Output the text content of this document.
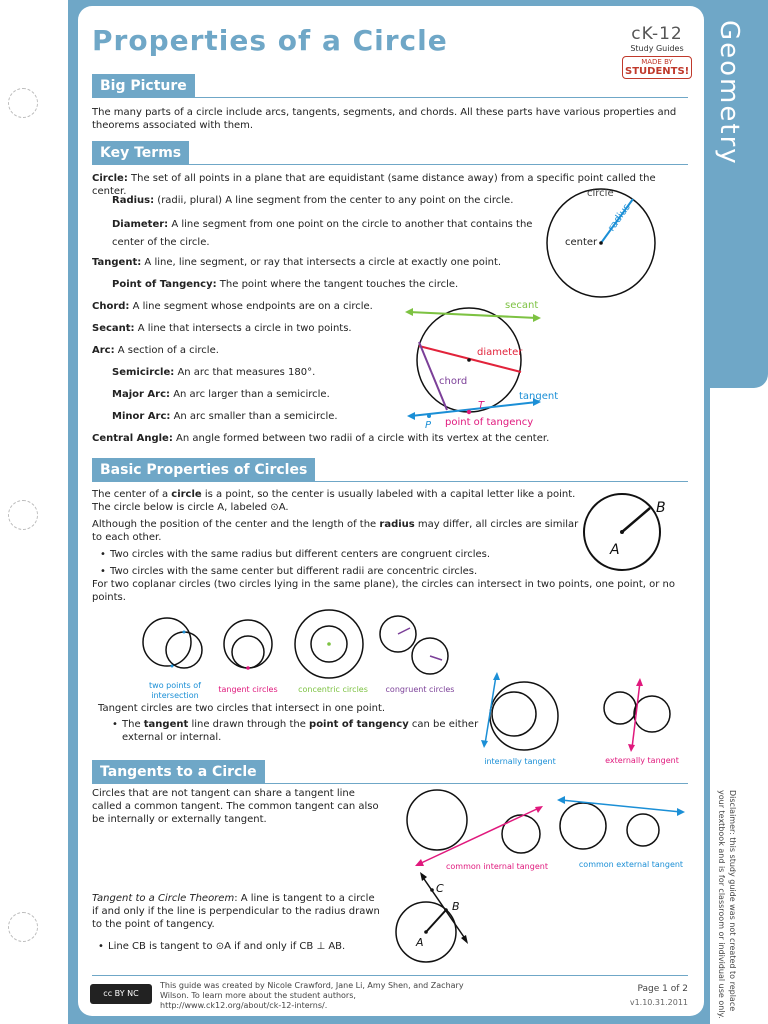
Geometry
Properties of a Circle	cK-12
Study Guides
MADE BY
STUDENTS!
Big Picture
The many parts of a circle include arcs, tangents, segments, and chords. All these parts have various properties and theorems associated with them.
Key Terms
Circle: The set of all points in a plane that are equidistant (same distance away) from a specific point called the center.
Radius: (radii, plural) A line segment from the center to any point on the circle.
Diameter: A line segment from one point on the circle to another that contains the center of the circle.
Tangent: A line, line segment, or ray that intersects a circle at exactly one point.
Point of Tangency: The point where the tangent touches the circle.
Chord: A line segment whose endpoints are on a circle.
Secant: A line that intersects a circle in two points.
Arc: A section of a circle.
Semicircle: An arc that measures 180°.
Major Arc: An arc larger than a semicircle.
Minor Arc: An arc smaller than a semicircle.
Central Angle: An angle formed between two radii of a circle with its vertex at the center.
circle
radius
center
secant
diameter
chord
tangent
T
P point of tangency
Basic Properties of Circles
The center of a circle is a point, so the center is usually labeled with a capital letter like a point.
The circle below is circle A, labeled ⊙A.
Although the position of the center and the length of the radius may differ, all circles are similar to each other.
• Two circles with the same radius but different centers are congruent circles.
• Two circles with the same center but different radii are concentric circles.
For two coplanar circles (two circles lying in the same plane), the circles can intersect in two points, one point, or no points.
A
B
two points of
intersection
tangent circles	concentric circles congruent circles
Tangent circles are two circles that intersect in one point.
• The tangent line drawn through the point of tangency can be either external or internal.
internally tangent	externally tangent
Tangents to a Circle
Circles that are not tangent can share a tangent line called a common tangent. The common tangent can also be internally or externally tangent.
common internal tangent	common external tangent
Tangent to a Circle Theorem: A line is tangent to a circle if and only if the line is perpendicular to the radius drawn to the point of tangency.
• Line CB is tangent to ⊙A if and only if CB ⊥ AB.
C
B
A	Disclaimer: this study guide was not created to replace your textbook and is for classroom or individual use only.
cc BY NC
This guide was created by Nicole Crawford, Jane Li, Amy Shen, and Zachary Wilson. To learn more about the student authors, http://www.ck12.org/about/ck-12-interns/.
Page 1 of 2
v1.10.31.2011
